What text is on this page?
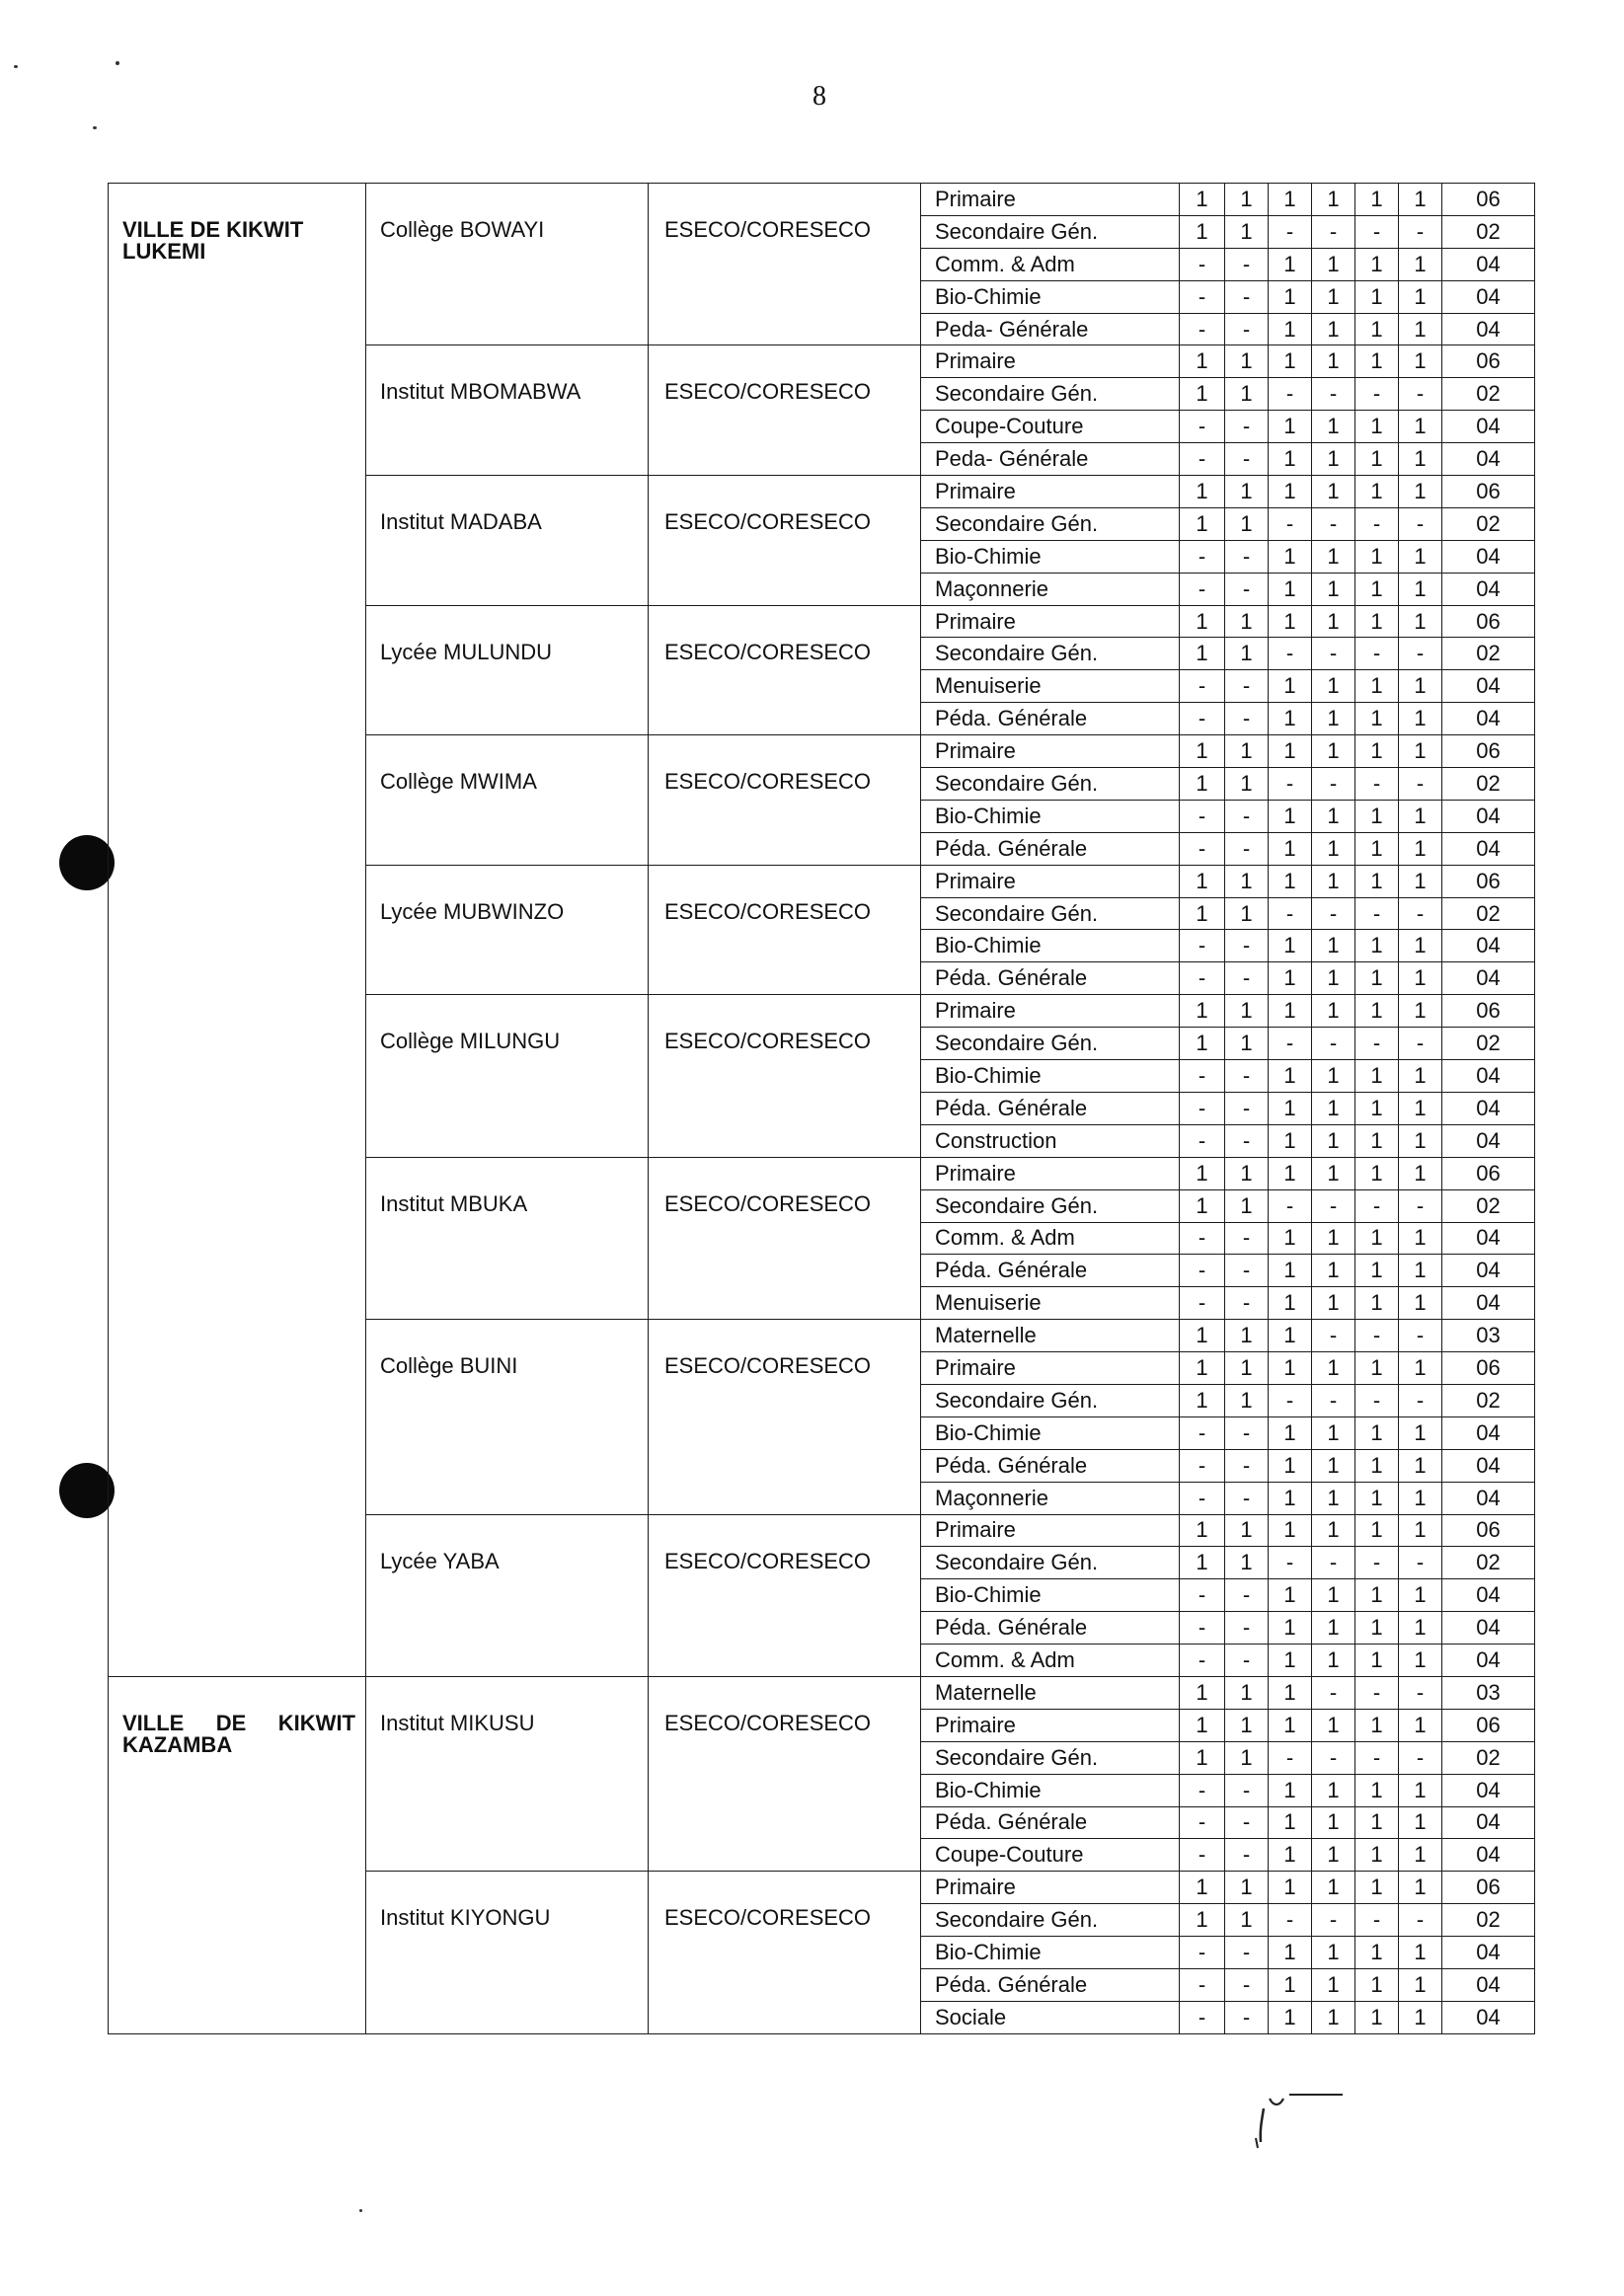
8
VILLE DE KIKWIT
LUKEMI	Collège BOWAYI	ESECO/CORESECO	Primaire	1	1	1	1	1	1	06
			Secondaire Gén.	1	1	-	-	-	-	02
			Comm. & Adm	-	-	1	1	1	1	04
			Bio-Chimie	-	-	1	1	1	1	04
			Peda- Générale	-	-	1	1	1	1	04
	Institut MBOMABWA	ESECO/CORESECO	Primaire	1	1	1	1	1	1	06
			Secondaire Gén.	1	1	-	-	-	-	02
			Coupe-Couture	-	-	1	1	1	1	04
			Peda- Générale	-	-	1	1	1	1	04
	Institut MADABA	ESECO/CORESECO	Primaire	1	1	1	1	1	1	06
			Secondaire Gén.	1	1	-	-	-	-	02
			Bio-Chimie	-	-	1	1	1	1	04
			Maçonnerie	-	-	1	1	1	1	04
	Lycée MULUNDU	ESECO/CORESECO	Primaire	1	1	1	1	1	1	06
			Secondaire Gén.	1	1	-	-	-	-	02
			Menuiserie	-	-	1	1	1	1	04
			Péda. Générale	-	-	1	1	1	1	04
	Collège MWIMA	ESECO/CORESECO	Primaire	1	1	1	1	1	1	06
			Secondaire Gén.	1	1	-	-	-	-	02
			Bio-Chimie	-	-	1	1	1	1	04
			Péda. Générale	-	-	1	1	1	1	04
	Lycée MUBWINZO	ESECO/CORESECO	Primaire	1	1	1	1	1	1	06
			Secondaire Gén.	1	1	-	-	-	-	02
			Bio-Chimie	-	-	1	1	1	1	04
			Péda. Générale	-	-	1	1	1	1	04
	Collège MILUNGU	ESECO/CORESECO	Primaire	1	1	1	1	1	1	06
			Secondaire Gén.	1	1	-	-	-	-	02
			Bio-Chimie	-	-	1	1	1	1	04
			Péda. Générale	-	-	1	1	1	1	04
			Construction	-	-	1	1	1	1	04
	Institut MBUKA	ESECO/CORESECO	Primaire	1	1	1	1	1	1	06
			Secondaire Gén.	1	1	-	-	-	-	02
			Comm. & Adm	-	-	1	1	1	1	04
			Péda. Générale	-	-	1	1	1	1	04
			Menuiserie	-	-	1	1	1	1	04
	Collège BUINI	ESECO/CORESECO	Maternelle	1	1	1	-	-	-	03
			Primaire	1	1	1	1	1	1	06
			Secondaire Gén.	1	1	-	-	-	-	02
			Bio-Chimie	-	-	1	1	1	1	04
			Péda. Générale	-	-	1	1	1	1	04
			Maçonnerie	-	-	1	1	1	1	04
	Lycée YABA	ESECO/CORESECO	Primaire	1	1	1	1	1	1	06
			Secondaire Gén.	1	1	-	-	-	-	02
			Bio-Chimie	-	-	1	1	1	1	04
			Péda. Générale	-	-	1	1	1	1	04
			Comm. & Adm	-	-	1	1	1	1	04

VILLE DE KIKWIT
KAZAMBA	Institut MIKUSU	ESECO/CORESECO	Maternelle	1	1	1	-	-	-	03
			Primaire	1	1	1	1	1	1	06
			Secondaire Gén.	1	1	-	-	-	-	02
			Bio-Chimie	-	-	1	1	1	1	04
			Péda. Générale	-	-	1	1	1	1	04
			Coupe-Couture	-	-	1	1	1	1	04
	Institut KIYONGU	ESECO/CORESECO	Primaire	1	1	1	1	1	1	06
			Secondaire Gén.	1	1	-	-	-	-	02
			Bio-Chimie	-	-	1	1	1	1	04
			Péda. Générale	-	-	1	1	1	1	04
			Sociale	-	-	1	1	1	1	04
